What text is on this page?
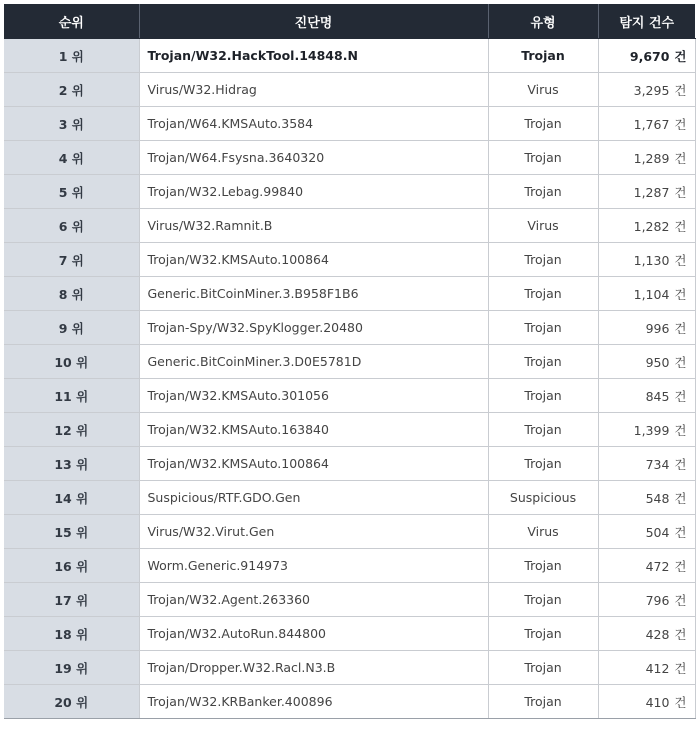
순위	진단명	유형	탐지 건수
1 위	Trojan/W32.HackTool.14848.N	Trojan	9,670 건
2 위	Virus/W32.Hidrag	Virus	3,295 건
3 위	Trojan/W64.KMSAuto.3584	Trojan	1,767 건
4 위	Trojan/W64.Fsysna.3640320	Trojan	1,289 건
5 위	Trojan/W32.Lebag.99840	Trojan	1,287 건
6 위	Virus/W32.Ramnit.B	Virus	1,282 건
7 위	Trojan/W32.KMSAuto.100864	Trojan	1,130 건
8 위	Generic.BitCoinMiner.3.B958F1B6	Trojan	1,104 건
9 위	Trojan-Spy/W32.SpyKlogger.20480	Trojan	996 건
10 위	Generic.BitCoinMiner.3.D0E5781D	Trojan	950 건
11 위	Trojan/W32.KMSAuto.301056	Trojan	845 건
12 위	Trojan/W32.KMSAuto.163840	Trojan	1,399 건
13 위	Trojan/W32.KMSAuto.100864	Trojan	734 건
14 위	Suspicious/RTF.GDO.Gen	Suspicious	548 건
15 위	Virus/W32.Virut.Gen	Virus	504 건
16 위	Worm.Generic.914973	Trojan	472 건
17 위	Trojan/W32.Agent.263360	Trojan	796 건
18 위	Trojan/W32.AutoRun.844800	Trojan	428 건
19 위	Trojan/Dropper.W32.Racl.N3.B	Trojan	412 건
20 위	Trojan/W32.KRBanker.400896	Trojan	410 건
